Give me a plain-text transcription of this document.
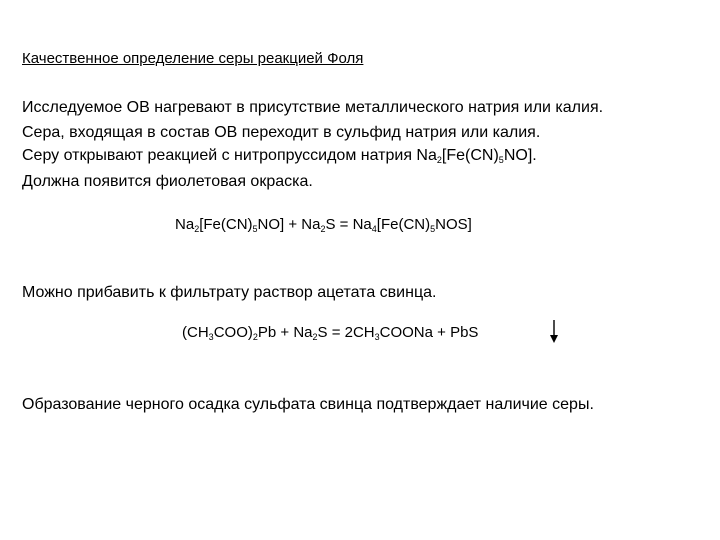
Качественное определение серы реакцией Фоля
Исследуемое ОВ нагревают в присутствие металлического натрия или калия.
Сера, входящая в состав ОВ переходит в сульфид натрия или калия.
Серу открывают реакцией с нитропруссидом натрия $Na_2[Fe(CN)_5NO]$.
Должна появится фиолетовая окраска.
$Na_2[Fe(CN)_5NO] + Na_2S = Na_4[Fe(CN)_5NOS]$
Можно прибавить к фильтрату раствор ацетата свинца.
$(CH_3COO)_2Pb + Na_2S$ = $2CH_3COONa$ + PbS
Образование черного осадка сульфата свинца подтверждает наличие серы.
